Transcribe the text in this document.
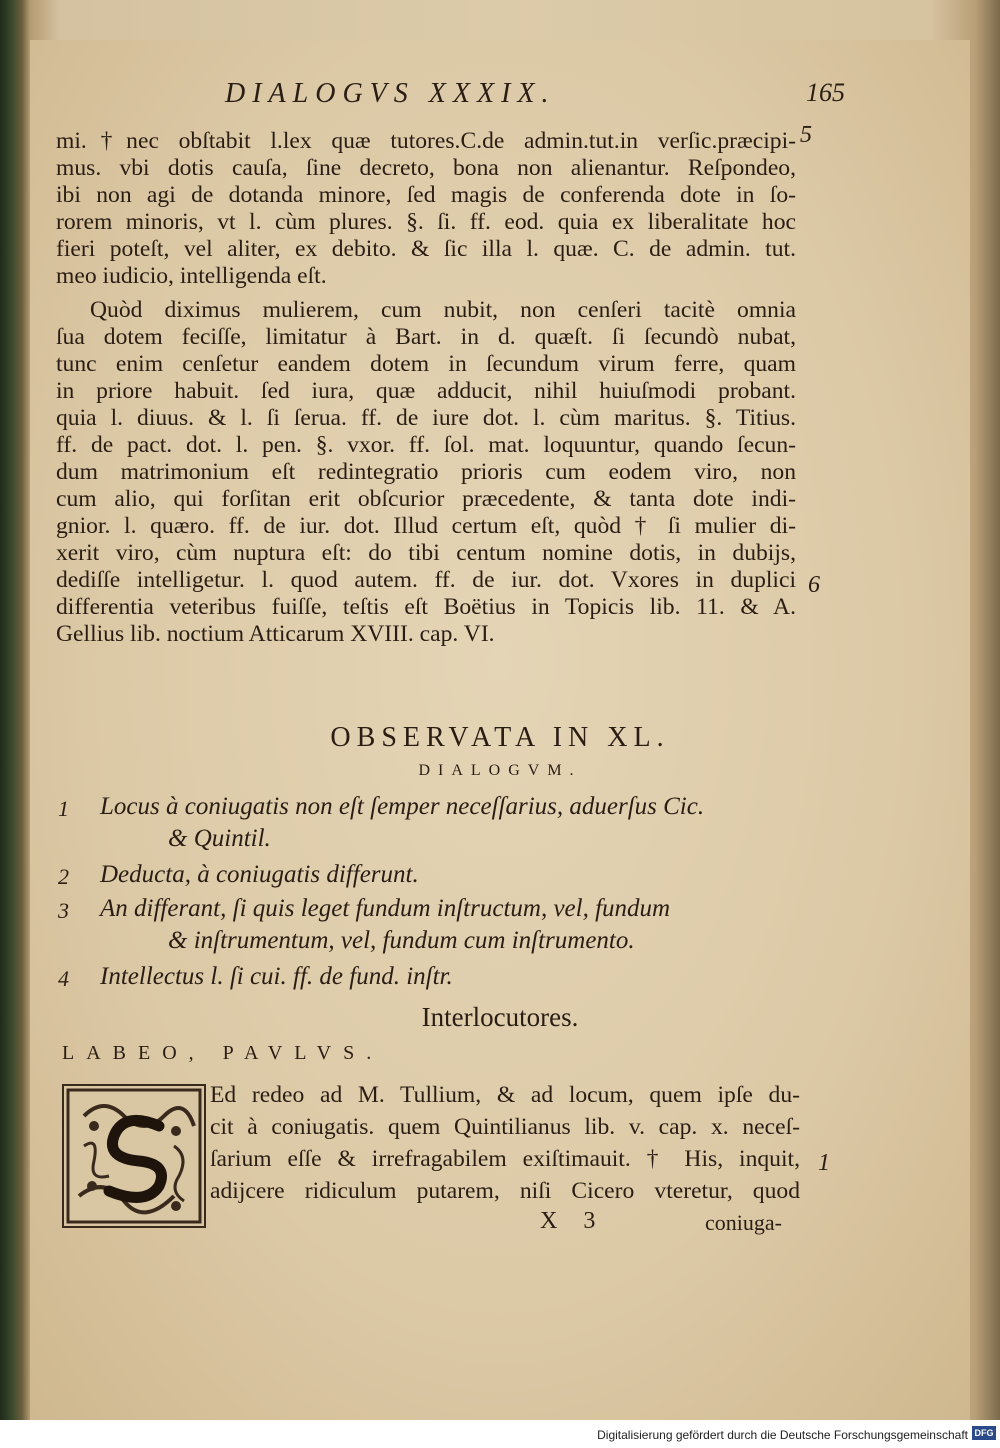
DIALOGVS XXXIX.	165
mi.†nec obſtabit l.lex quæ tutores.C.de admin.tut.in verſic.præcipi-
mus. vbi dotis cauſa, ſine decreto, bona non alienantur. Reſpondeo,
ibi non agi de dotanda minore, ſed magis de conferenda dote in ſo-
rorem minoris, vt l. cùm plures. §. ſi. ff. eod. quia ex liberalitate hoc
fieri poteſt, vel aliter, ex debito. & ſic illa l. quæ. C. de admin. tut.
meo iudicio, intelligenda eſt.
Quòd diximus mulierem, cum nubit, non cenſeri tacitè omnia
ſua dotem feciſſe, limitatur à Bart. in d. quæſt. ſi ſecundò nubat,
tunc enim cenſetur eandem dotem in ſecundum virum ferre, quam
in priore habuit. ſed iura, quæ adducit, nihil huiuſmodi probant.
quia l. diuus. & l. ſi ſerua. ff. de iure dot. l. cùm maritus. §. Titius.
ff. de pact. dot. l. pen. §. vxor. ff. ſol. mat. loquuntur, quando ſecun-
dum matrimonium eſt redintegratio prioris cum eodem viro, non
cum alio, qui forſitan erit obſcurior præcedente, & tanta dote indi-
gnior. l. quæro. ff. de iur. dot. Illud certum eſt, quòd † ſi mulier di-
xerit viro, cùm nuptura eſt: do tibi centum nomine dotis, in dubijs,
dediſſe intelligetur. l. quod autem. ff. de iur. dot. Vxores in duplici
differentia veteribus fuiſſe, teſtis eſt Boëtius in Topicis lib. 11. & A.
Gellius lib. noctium Atticarum XVIII. cap. VI.
5
6
1
OBSERVATA IN XL.
DIALOGVM.
1 Locus à coniugatis non eſt ſemper neceſſarius, aduerſus Cic.
& Quintil.
2 Deducta, à coniugatis differunt.
3 An differant, ſi quis leget fundum inſtructum, vel, fundum
& inſtrumentum, vel, fundum cum inſtrumento.
4 Intellectus l. ſi cui. ff. de fund. inſtr.
Interlocutores.
LABEO, PAVLVS.
Ed redeo ad M. Tullium, & ad locum, quem ipſe du-
cit à coniugatis. quem Quintilianus lib. v. cap. x. neceſ-
ſarium eſſe & irrefragabilem exiſtimauit. † His, inquit,
adijcere ridiculum putarem, niſi Cicero vteretur, quod
X 3	coniuga-
Digitalisierung gefördert durch die Deutsche Forschungsgemeinschaft DFG
